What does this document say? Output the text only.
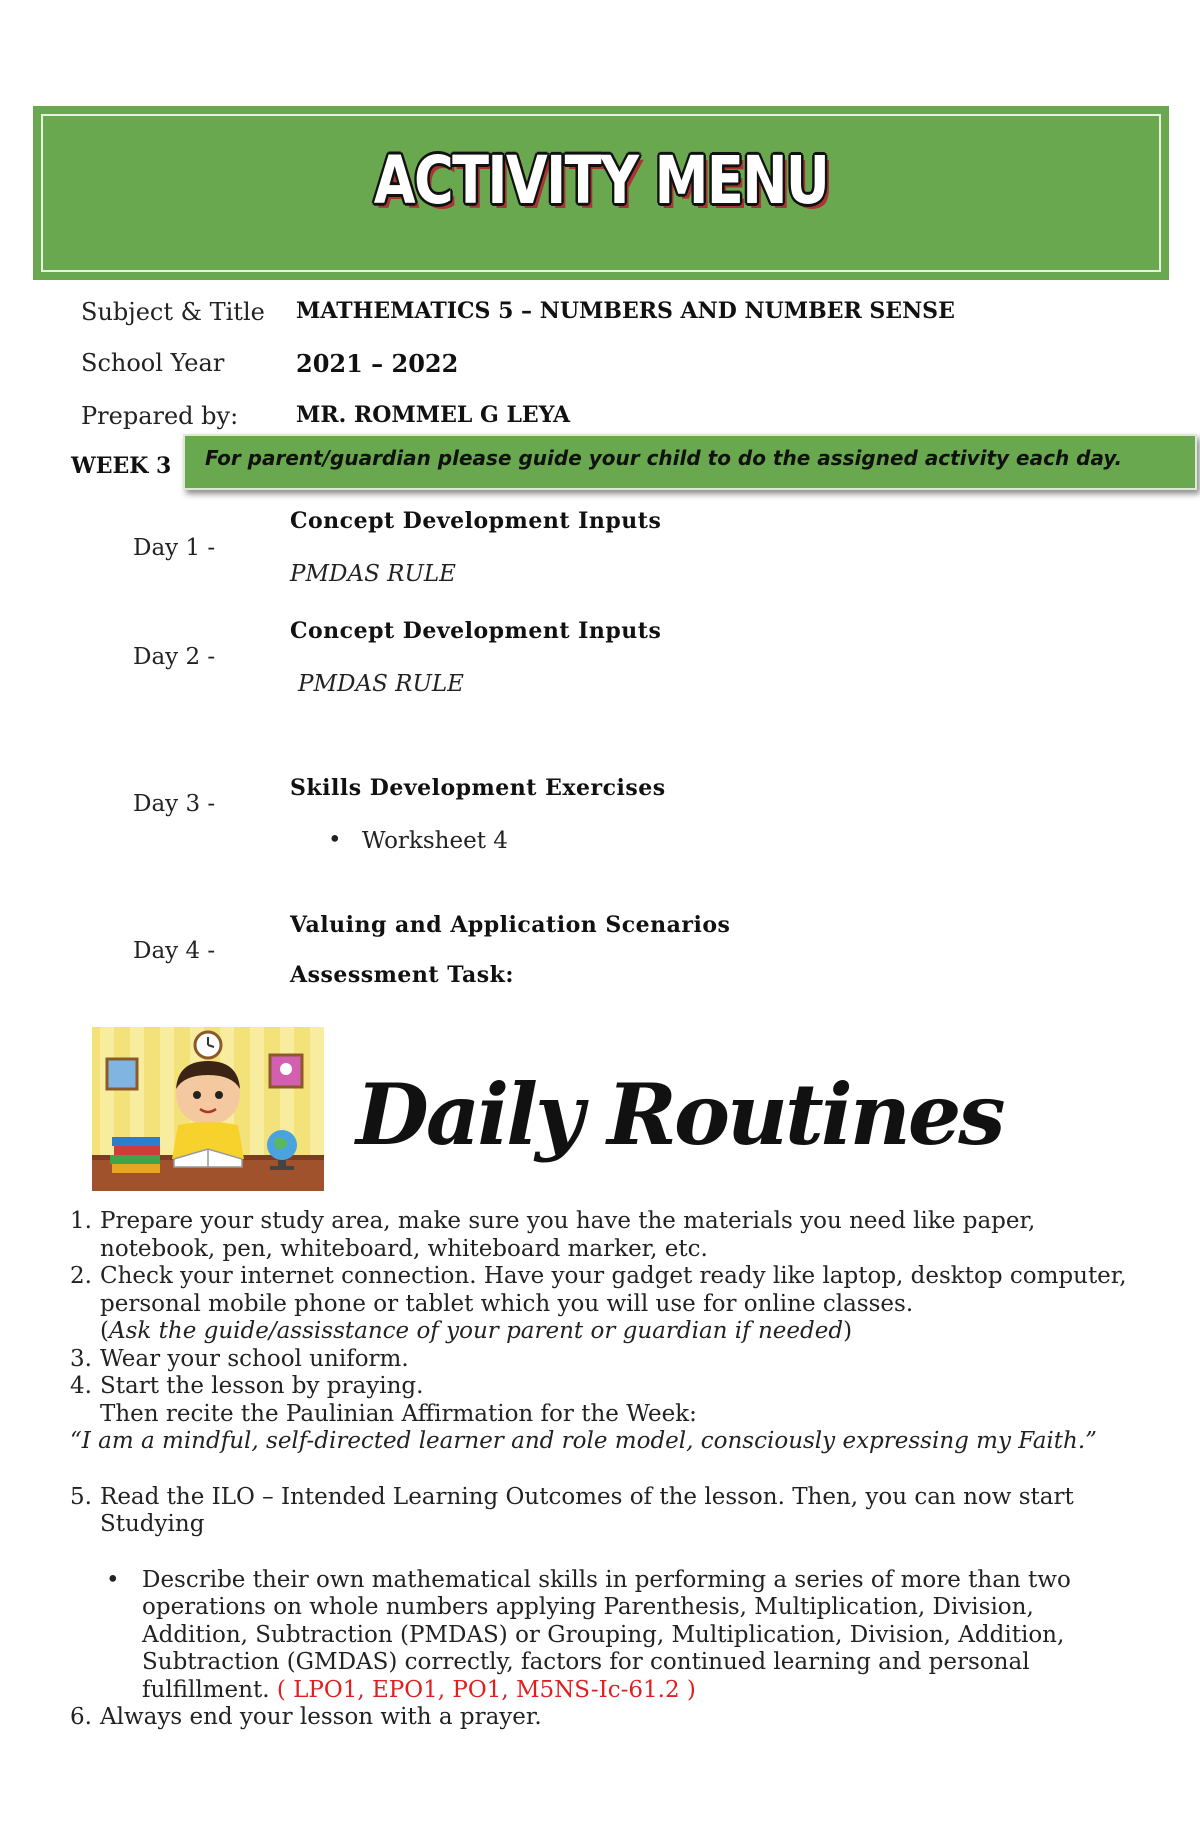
ACTIVITY MENU
Subject & Title MATHEMATICS 5 – NUMBERS AND NUMBER SENSE
School Year	2021 – 2022
Prepared by:	MR. ROMMEL G LEYA
WEEK 3 For parent/guardian please guide your child to do the assigned activity each day.
Day 1 -
Concept Development Inputs
PMDAS RULE
Day 2 -
Concept Development Inputs
PMDAS RULE
Day 3 -
Skills Development Exercises
• Worksheet 4
Day 4 -
Valuing and Application Scenarios
Assessment Task:
Daily Routines
1. Prepare your study area, make sure you have the materials you need like paper,
notebook, pen, whiteboard, whiteboard marker, etc.
2. Check your internet connection. Have your gadget ready like laptop, desktop computer,
personal mobile phone or tablet which you will use for online classes.
(Ask the guide/assisstance of your parent or guardian if needed)
3. Wear your school uniform.
4. Start the lesson by praying.
Then recite the Paulinian Affirmation for the Week:
“I am a mindful, self-directed learner and role model, consciously expressing my Faith.”
5. Read the ILO – Intended Learning Outcomes of the lesson. Then, you can now start
Studying
• Describe their own mathematical skills in performing a series of more than two
operations on whole numbers applying Parenthesis, Multiplication, Division,
Addition, Subtraction (PMDAS) or Grouping, Multiplication, Division, Addition,
Subtraction (GMDAS) correctly, factors for continued learning and personal
fulfillment. ( LPO1, EPO1, PO1, M5NS-Ic-61.2 )
6. Always end your lesson with a prayer.
